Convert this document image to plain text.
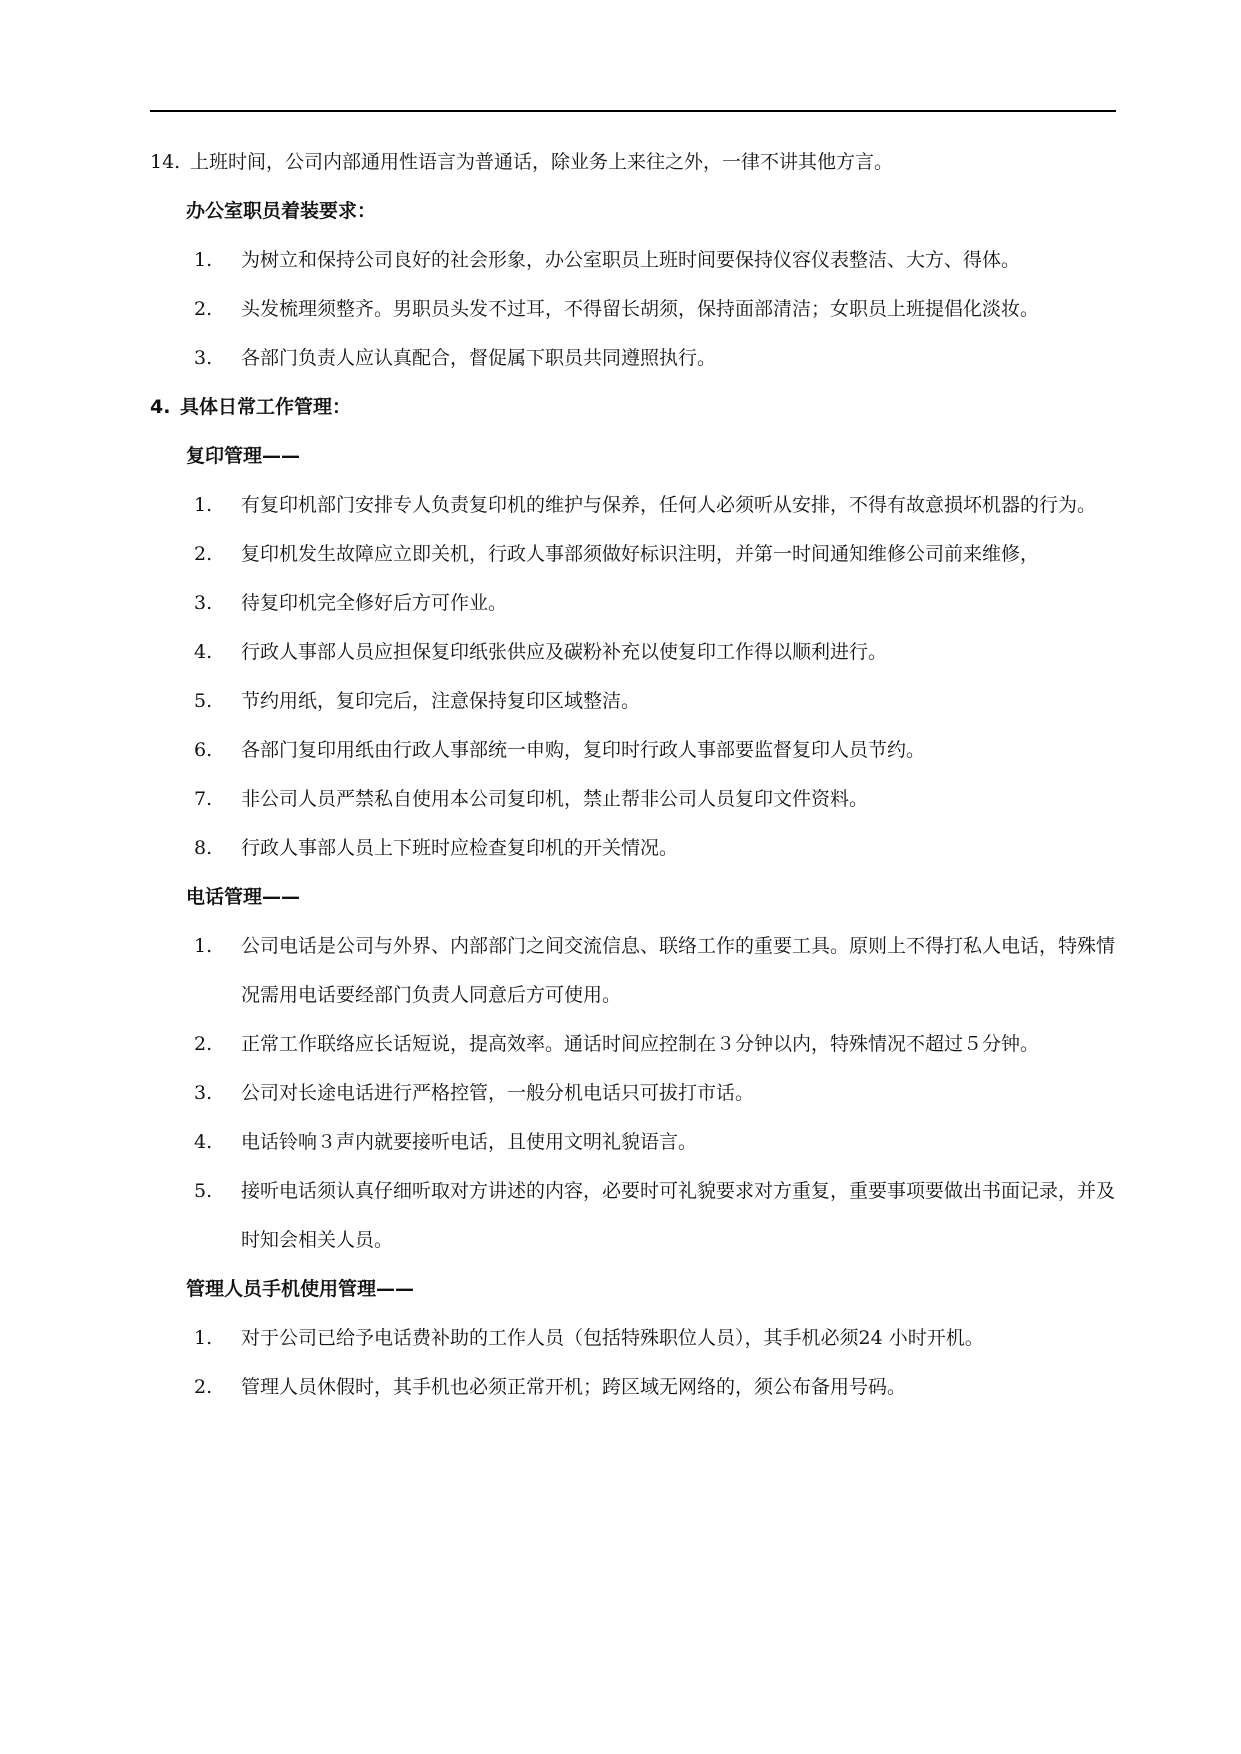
14. 上班时间，公司内部通用性语言为普通话，除业务上来往之外，一律不讲其他方言。
办公室职员着装要求：
1.	为树立和保持公司良好的社会形象，办公室职员上班时间要保持仪容仪表整洁、大方、得体。
2.	头发梳理须整齐。男职员头发不过耳，不得留长胡须，保持面部清洁；女职员上班提倡化淡妆。
3.	各部门负责人应认真配合，督促属下职员共同遵照执行。
4. 具体日常工作管理：
复印管理——
1.	有复印机部门安排专人负责复印机的维护与保养，任何人必须听从安排，不得有故意损坏机器的行为。
2.	复印机发生故障应立即关机，行政人事部须做好标识注明，并第一时间通知维修公司前来维修，
3.	待复印机完全修好后方可作业。
4.	行政人事部人员应担保复印纸张供应及碳粉补充以使复印工作得以顺利进行。
5.	节约用纸，复印完后，注意保持复印区域整洁。
6.	各部门复印用纸由行政人事部统一申购，复印时行政人事部要监督复印人员节约。
7.	非公司人员严禁私自使用本公司复印机，禁止帮非公司人员复印文件资料。
8.	行政人事部人员上下班时应检查复印机的开关情况。
电话管理——
1.	公司电话是公司与外界、内部部门之间交流信息、联络工作的重要工具。原则上不得打私人电话，特殊情况需用电话要经部门负责人同意后方可使用。
2.	正常工作联络应长话短说，提高效率。通话时间应控制在３分钟以内，特殊情况不超过５分钟。
3.	公司对长途电话进行严格控管，一般分机电话只可拔打市话。
4.	电话铃响３声内就要接听电话，且使用文明礼貌语言。
5.	接听电话须认真仔细听取对方讲述的内容，必要时可礼貌要求对方重复，重要事项要做出书面记录，并及时知会相关人员。
管理人员手机使用管理——
1.	对于公司已给予电话费补助的工作人员（包括特殊职位人员），其手机必须24 小时开机。
2.	管理人员休假时，其手机也必须正常开机；跨区域无网络的，须公布备用号码。
